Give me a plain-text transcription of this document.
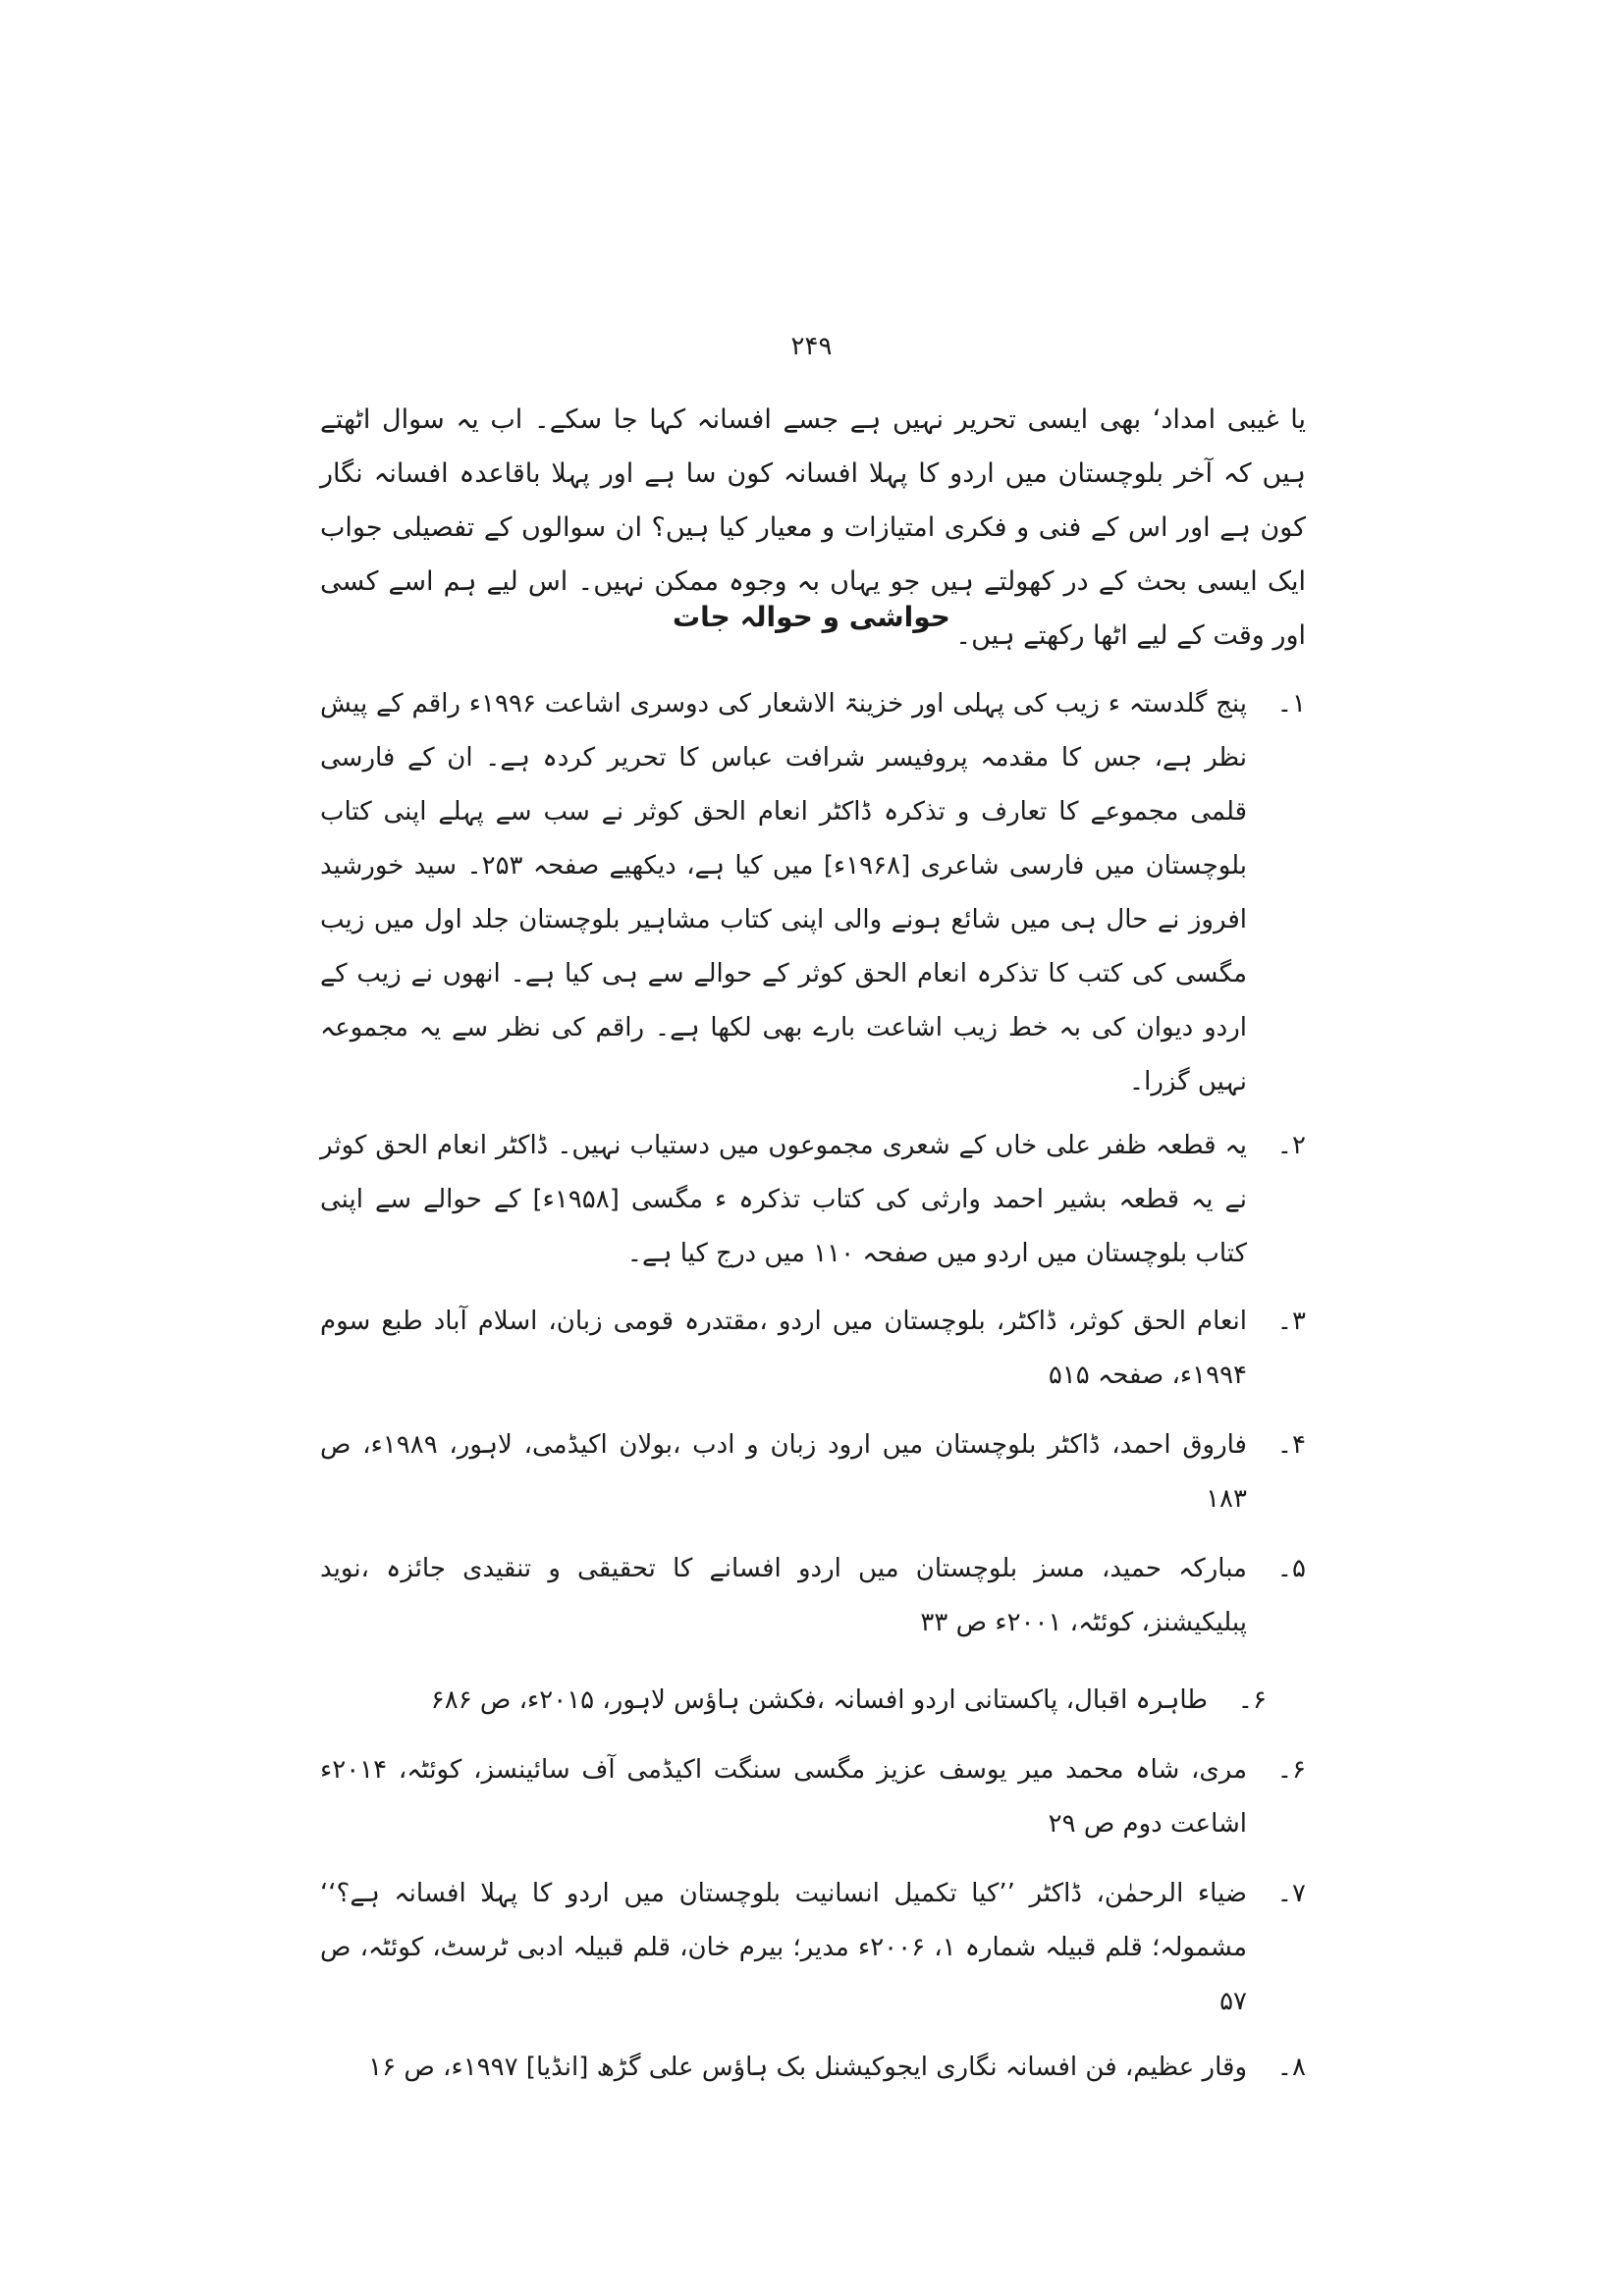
۲۴۹
یا غیبی امداد‘ بھی ایسی تحریر نہیں ہے جسے افسانہ کہا جا سکے۔ اب یہ سوال اٹھتے ہیں کہ آخر بلوچستان میں اردو کا پہلا افسانہ کون سا ہے اور پہلا باقاعدہ افسانہ نگار کون ہے اور اس کے فنی و فکری امتیازات و معیار کیا ہیں؟ ان سوالوں کے تفصیلی جواب ایک ایسی بحث کے در کھولتے ہیں جو یہاں بہ وجوہ ممکن نہیں۔ اس لیے ہم اسے کسی اور وقت کے لیے اٹھا رکھتے ہیں۔
حواشی و حوالہ جات
۱۔
پنج گلدستہ ء زیب کی پہلی اور خزینۃ الاشعار کی دوسری اشاعت ۱۹۹۶ء راقم کے پیش نظر ہے، جس کا مقدمہ پروفیسر شرافت عباس کا تحریر کردہ ہے۔ ان کے فارسی قلمی مجموعے کا تعارف و تذکرہ ڈاکٹر انعام الحق کوثر نے سب سے پہلے اپنی کتاب بلوچستان میں فارسی شاعری [۱۹۶۸ء] میں کیا ہے، دیکھیے صفحہ ۲۵۳۔ سید خورشید افروز نے حال ہی میں شائع ہونے والی اپنی کتاب مشاہیر بلوچستان جلد اول میں زیب مگسی کی کتب کا تذکرہ انعام الحق کوثر کے حوالے سے ہی کیا ہے۔ انھوں نے زیب کے اردو دیوان کی بہ خط زیب اشاعت بارے بھی لکھا ہے۔ راقم کی نظر سے یہ مجموعہ نہیں گزرا۔
۲۔
یہ قطعہ ظفر علی خاں کے شعری مجموعوں میں دستیاب نہیں۔ ڈاکٹر انعام الحق کوثر نے یہ قطعہ بشیر احمد وارثی کی کتاب تذکرہ ء مگسی [۱۹۵۸ء] کے حوالے سے اپنی کتاب بلوچستان میں اردو میں صفحہ ۱۱۰ میں درج کیا ہے۔
۳۔
انعام الحق کوثر، ڈاکٹر، بلوچستان میں اردو ،مقتدرہ قومی زبان، اسلام آباد طبع سوم ۱۹۹۴ء، صفحہ ۵۱۵
۴۔
فاروق احمد، ڈاکٹر بلوچستان میں ارود زبان و ادب ،بولان اکیڈمی، لاہور، ۱۹۸۹ء، ص ۱۸۳
۵۔
مبارکہ حمید، مسز بلوچستان میں اردو افسانے کا تحقیقی و تنقیدی جائزہ ،نوید پبلیکیشنز، کوئٹہ، ۲۰۰۱ء ص ۳۳
۶۔
طاہرہ اقبال، پاکستانی اردو افسانہ ،فکشن ہاؤس لاہور، ۲۰۱۵ء، ص ۶۸۶
۶۔
مری، شاہ محمد میر یوسف عزیز مگسی سنگت اکیڈمی آف سائینسز، کوئٹہ، ۲۰۱۴ء اشاعت دوم ص ۲۹
۷۔
ضیاء الرحمٰن، ڈاکٹر ’’کیا تکمیل انسانیت بلوچستان میں اردو کا پہلا افسانہ ہے؟‘‘ مشمولہ؛ قلم قبیلہ شمارہ ۱، ۲۰۰۶ء مدیر؛ بیرم خان، قلم قبیلہ ادبی ٹرسٹ، کوئٹہ، ص ۵۷
۸۔
وقار عظیم، فن افسانہ نگاری ایجوکیشنل بک ہاؤس علی گڑھ [انڈیا] ۱۹۹۷ء، ص ۱۶
